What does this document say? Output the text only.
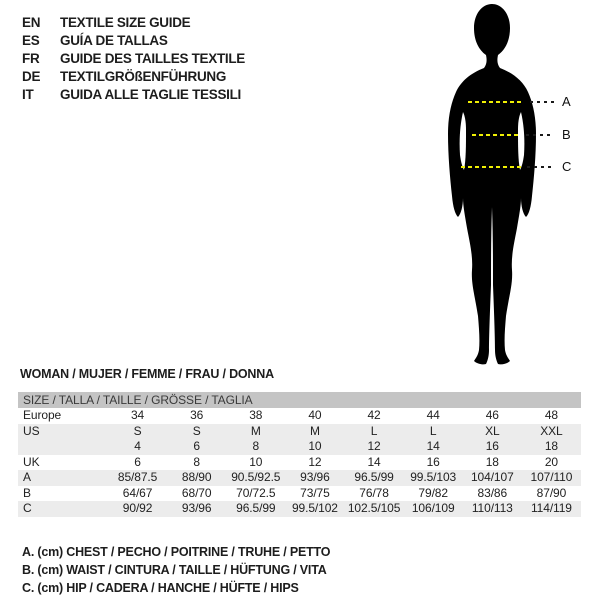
EN	TEXTILE SIZE GUIDE
ES	GUÍA DE TALLAS
FR	GUIDE DES TAILLES TEXTILE
DE	TEXTILGRÖßENFÜHRUNG
IT	GUIDA ALLE TAGLIE TESSILI	A
B
C
WOMAN / MUJER / FEMME / FRAU / DONNA
SIZE / TALLA / TAILLE / GRÖSSE / TAGLIA
Europe	34	36	38	40	42	44	46	48
US	S	S	M	M	L	L	XL	XXL
4	6	8	10	12	14	16	18
UK	6	8	10	12	14	16	18	20
A	85/87.5	88/90	90.5/92.5	93/96	96.5/99	99.5/103	104/107	107/110
B	64/67	68/70	70/72.5	73/75	76/78	79/82	83/86	87/90
C	90/92	93/96	96.5/99	99.5/102 102.5/105 106/109	110/113	114/119
A. (cm) CHEST / PECHO / POITRINE / TRUHE / PETTO
B. (cm) WAIST / CINTURA / TAILLE / HÜFTUNG / VITA
C. (cm) HIP / CADERA / HANCHE / HÜFTE / HIPS
